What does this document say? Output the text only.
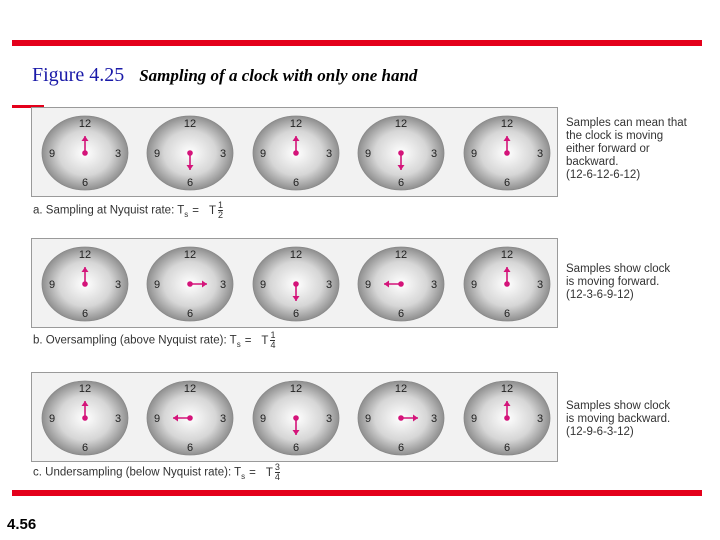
Figure 4.25 Sampling of a clock with only one hand
12
3
6
9
12
3
6
9
12
3
6
9
12
3
6
9
12
3
6
9
a. Sampling at Nyquist rate: $T_s = T \frac{1}{2}$
Samples can mean that
the clock is moving
either forward or
backward.
(12-6-12-6-12)
12
3
6
9
12
3
6
9
12
3
6
9
12
3
6
9
12
3
6
9
b. Oversampling (above Nyquist rate): $T_s = T \frac{1}{4}$
Samples show clock
is moving forward.
(12-3-6-9-12)
12
3
6
9
12
3
6
9
12
3
6
9
12
3
6
9
12
3
6
9
c. Undersampling (below Nyquist rate): $T_s = T \frac{3}{4}$
Samples show clock
is moving backward.
(12-9-6-3-12)
4.56
